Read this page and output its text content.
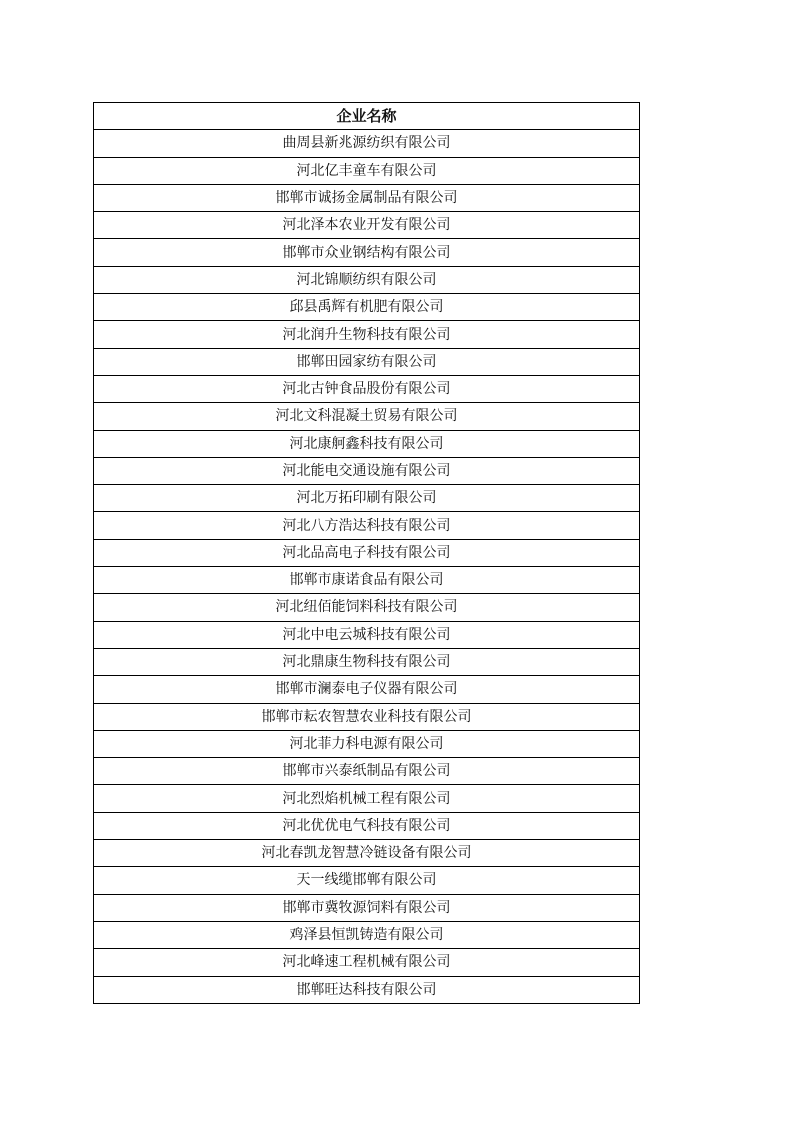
企业名称
曲周县新兆源纺织有限公司
河北亿丰童车有限公司
邯郸市诚扬金属制品有限公司
河北泽本农业开发有限公司
邯郸市众业钢结构有限公司
河北锦顺纺织有限公司
邱县禹辉有机肥有限公司
河北润升生物科技有限公司
邯郸田园家纺有限公司
河北古钟食品股份有限公司
河北文科混凝土贸易有限公司
河北康舸鑫科技有限公司
河北能电交通设施有限公司
河北万拓印刷有限公司
河北八方浩达科技有限公司
河北品高电子科技有限公司
邯郸市康诺食品有限公司
河北纽佰能饲料科技有限公司
河北中电云城科技有限公司
河北鼎康生物科技有限公司
邯郸市澜泰电子仪器有限公司
邯郸市耘农智慧农业科技有限公司
河北菲力科电源有限公司
邯郸市兴泰纸制品有限公司
河北烈焰机械工程有限公司
河北优优电气科技有限公司
河北春凯龙智慧冷链设备有限公司
天一线缆邯郸有限公司
邯郸市冀牧源饲料有限公司
鸡泽县恒凯铸造有限公司
河北峰速工程机械有限公司
邯郸旺达科技有限公司
